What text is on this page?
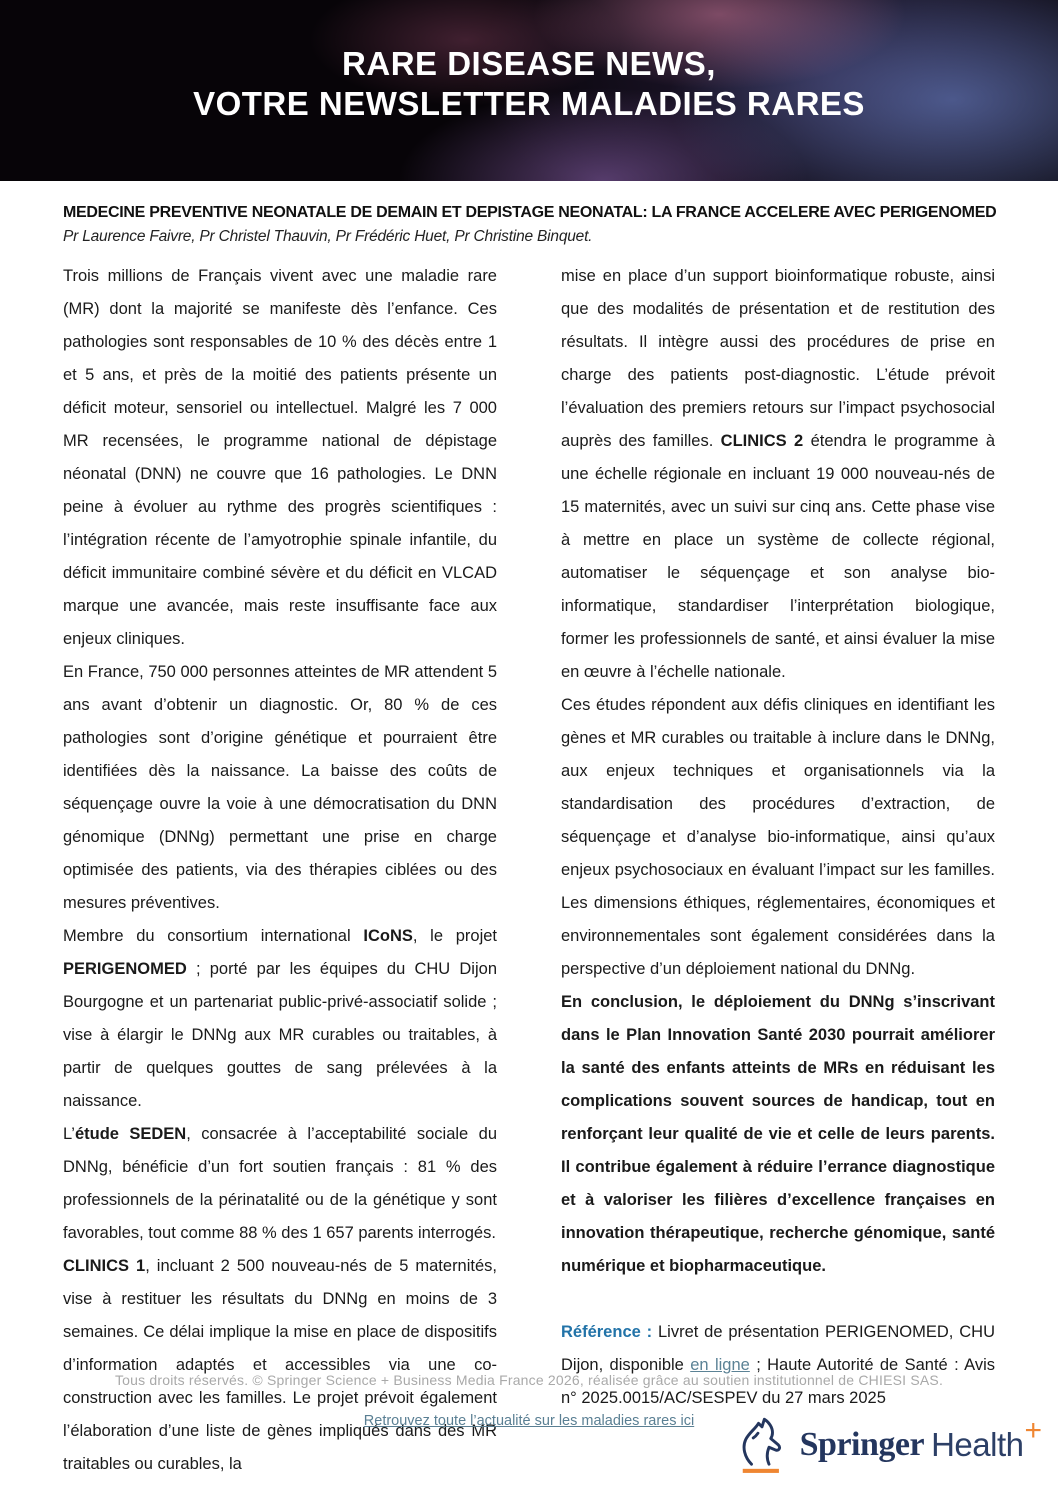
RARE DISEASE NEWS,
VOTRE NEWSLETTER MALADIES RARES
MEDECINE PREVENTIVE NEONATALE DE DEMAIN ET DEPISTAGE NEONATAL: LA FRANCE ACCELERE AVEC PERIGENOMED

Pr Laurence Faivre, Pr Christel Thauvin, Pr Frédéric Huet, Pr Christine Binquet.

Trois millions de Français vivent avec une maladie rare (MR) dont la majorité se manifeste dès l’enfance. Ces pathologies sont responsables de 10 % des décès entre 1 et 5 ans, et près de la moitié des patients présente un déficit moteur, sensoriel ou intellectuel. Malgré les 7 000 MR recensées, le programme national de dépistage néonatal (DNN) ne couvre que 16 pathologies. Le DNN peine à évoluer au rythme des progrès scientifiques : l’intégration récente de l’amyotrophie spinale infantile, du déficit immunitaire combiné sévère et du déficit en VLCAD marque une avancée, mais reste insuffisante face aux enjeux cliniques.

En France, 750 000 personnes atteintes de MR attendent 5 ans avant d’obtenir un diagnostic. Or, 80 % de ces pathologies sont d’origine génétique et pourraient être identifiées dès la naissance. La baisse des coûts de séquençage ouvre la voie à une démocratisation du DNN génomique (DNNg) permettant une prise en charge optimisée des patients, via des thérapies ciblées ou des mesures préventives.

Membre du consortium international ICoNS, le projet PERIGENOMED ; porté par les équipes du CHU Dijon Bourgogne et un partenariat public-privé-associatif solide ; vise à élargir le DNNg aux MR curables ou traitables, à partir de quelques gouttes de sang prélevées à la naissance.

L’étude SEDEN, consacrée à l’acceptabilité sociale du DNNg, bénéficie d’un fort soutien français : 81 % des professionnels de la périnatalité ou de la génétique y sont favorables, tout comme 88 % des 1 657 parents interrogés.

CLINICS 1, incluant 2 500 nouveau-nés de 5 maternités, vise à restituer les résultats du DNNg en moins de 3 semaines. Ce délai implique la mise en place de dispositifs d’information adaptés et accessibles via une co-construction avec les familles. Le projet prévoit également l’élaboration d’une liste de gènes impliqués dans des MR traitables ou curables, la

mise en place d’un support bioinformatique robuste, ainsi que des modalités de présentation et de restitution des résultats. Il intègre aussi des procédures de prise en charge des patients post-diagnostic. L’étude prévoit l’évaluation des premiers retours sur l’impact psychosocial auprès des familles. CLINICS 2 étendra le programme à une échelle régionale en incluant 19 000 nouveau-nés de 15 maternités, avec un suivi sur cinq ans. Cette phase vise à mettre en place un système de collecte régional, automatiser le séquençage et son analyse bio-informatique, standardiser l’interprétation biologique, former les professionnels de santé, et ainsi évaluer la mise en œuvre à l’échelle nationale.

Ces études répondent aux défis cliniques en identifiant les gènes et MR curables ou traitable à inclure dans le DNNg, aux enjeux techniques et organisationnels via la standardisation des procédures d’extraction, de séquençage et d’analyse bio-informatique, ainsi qu’aux enjeux psychosociaux en évaluant l’impact sur les familles. Les dimensions éthiques, réglementaires, économiques et environnementales sont également considérées dans la perspective d’un déploiement national du DNNg.

En conclusion, le déploiement du DNNg s’inscrivant dans le Plan Innovation Santé 2030 pourrait améliorer la santé des enfants atteints de MRs en réduisant les complications souvent sources de handicap, tout en renforçant leur qualité de vie et celle de leurs parents. Il contribue également à réduire l’errance diagnostique et à valoriser les filières d’excellence françaises en innovation thérapeutique, recherche génomique, santé numérique et biopharmaceutique.

Référence : Livret de présentation PERIGENOMED, CHU Dijon, disponible en ligne ; Haute Autorité de Santé : Avis n° 2025.0015/AC/SESPEV du 27 mars 2025

Tous droits réservés. © Springer Science + Business Media France 2026, réalisée grâce au soutien institutionnel de CHIESI SAS.

Retrouvez toute l’actualité sur les maladies rares ici

Springer Health +
